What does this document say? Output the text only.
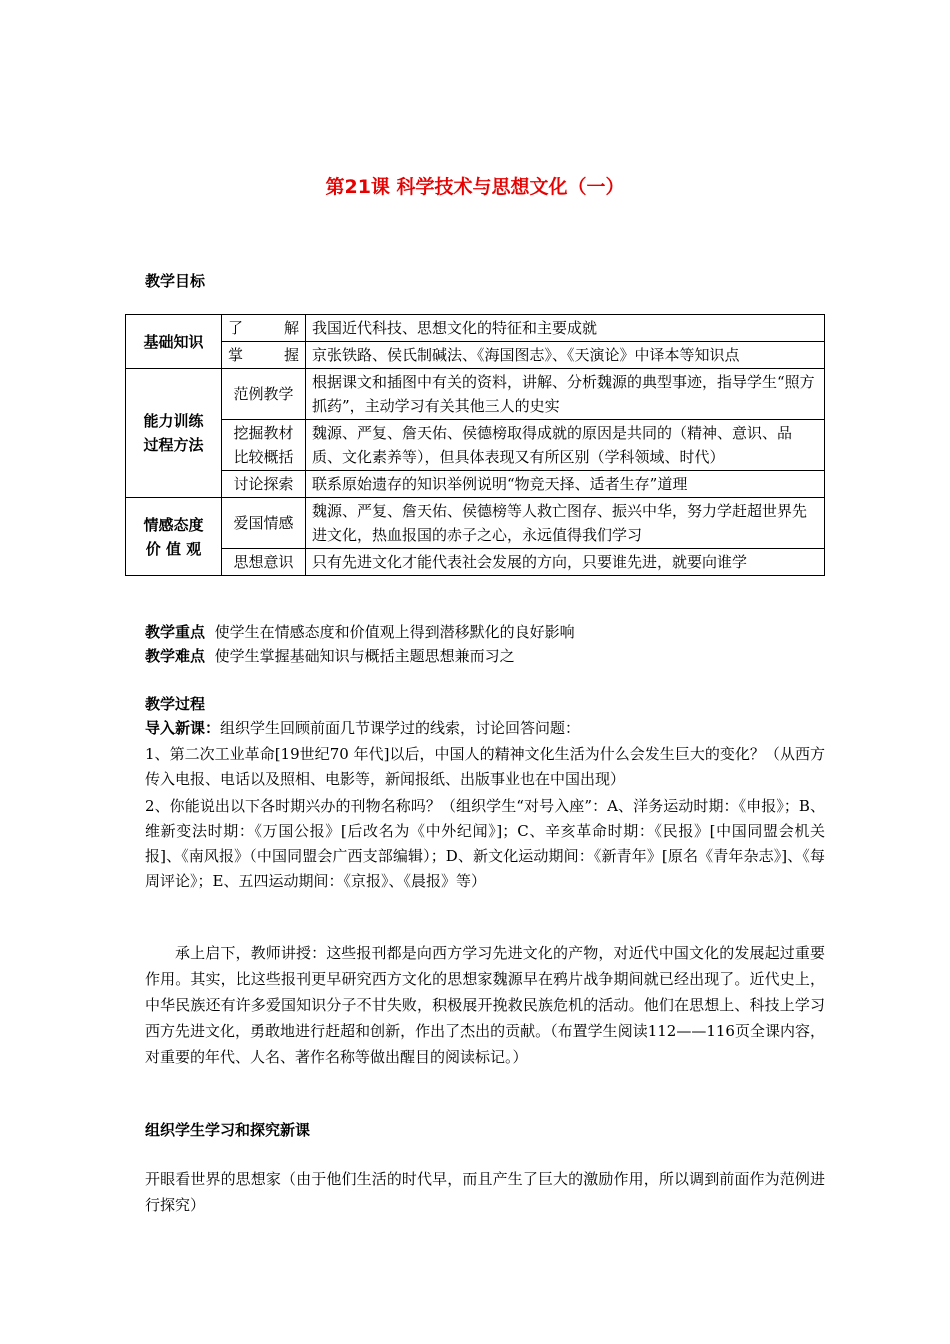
第21课 科学技术与思想文化（一）
教学目标
基础知识	了 解	我国近代科技、思想文化的特征和主要成就
	掌 握	京张铁路、侯氏制碱法、《海国图志》、《天演论》中译本等知识点

能力训练
过程方法	范例教学	根据课文和插图中有关的资料，讲解、分析魏源的典型事迹，指导学生“照方抓药”，主动学习有关其他三人的史实
	挖掘教材比较概括	魏源、严复、詹天佑、侯德榜取得成就的原因是共同的（精神、意识、品质、文化素养等），但具体表现又有所区别（学科领域、时代）
	讨论探索	联系原始遗存的知识举例说明“物竞天择、适者生存”道理

情感态度
价 值 观	爱国情感	魏源、严复、詹天佑、侯德榜等人救亡图存、振兴中华，努力学赶超世界先进文化，热血报国的赤子之心，永远值得我们学习
	思想意识	只有先进文化才能代表社会发展的方向，只要谁先进，就要向谁学
教学重点 使学生在情感态度和价值观上得到潜移默化的良好影响
教学难点 使学生掌握基础知识与概括主题思想兼而习之
教学过程
导入新课：组织学生回顾前面几节课学过的线索，讨论回答问题：
1、第二次工业革命[19世纪70 年代]以后，中国人的精神文化生活为什么会发生巨大的变化？（从西方传入电报、电话以及照相、电影等，新闻报纸、出版事业也在中国出现）
2、你能说出以下各时期兴办的刊物名称吗？（组织学生“对号入座”：A、洋务运动时期：《申报》；B、维新变法时期：《万国公报》[后改名为《中外纪闻》]；C、辛亥革命时期：《民报》[中国同盟会机关报]、《南风报》（中国同盟会广西支部编辑）；D、新文化运动期间：《新青年》[原名《青年杂志》]、《每周评论》；E、五四运动期间：《京报》、《晨报》等）
承上启下，教师讲授：这些报刊都是向西方学习先进文化的产物，对近代中国文化的发展起过重要作用。其实，比这些报刊更早研究西方文化的思想家魏源早在鸦片战争期间就已经出现了。近代史上，中华民族还有许多爱国知识分子不甘失败，积极展开挽救民族危机的活动。他们在思想上、科技上学习西方先进文化，勇敢地进行赶超和创新，作出了杰出的贡献。（布置学生阅读112——116页全课内容，对重要的年代、人名、著作名称等做出醒目的阅读标记。）
组织学生学习和探究新课
开眼看世界的思想家（由于他们生活的时代早，而且产生了巨大的激励作用，所以调到前面作为范例进行探究）
